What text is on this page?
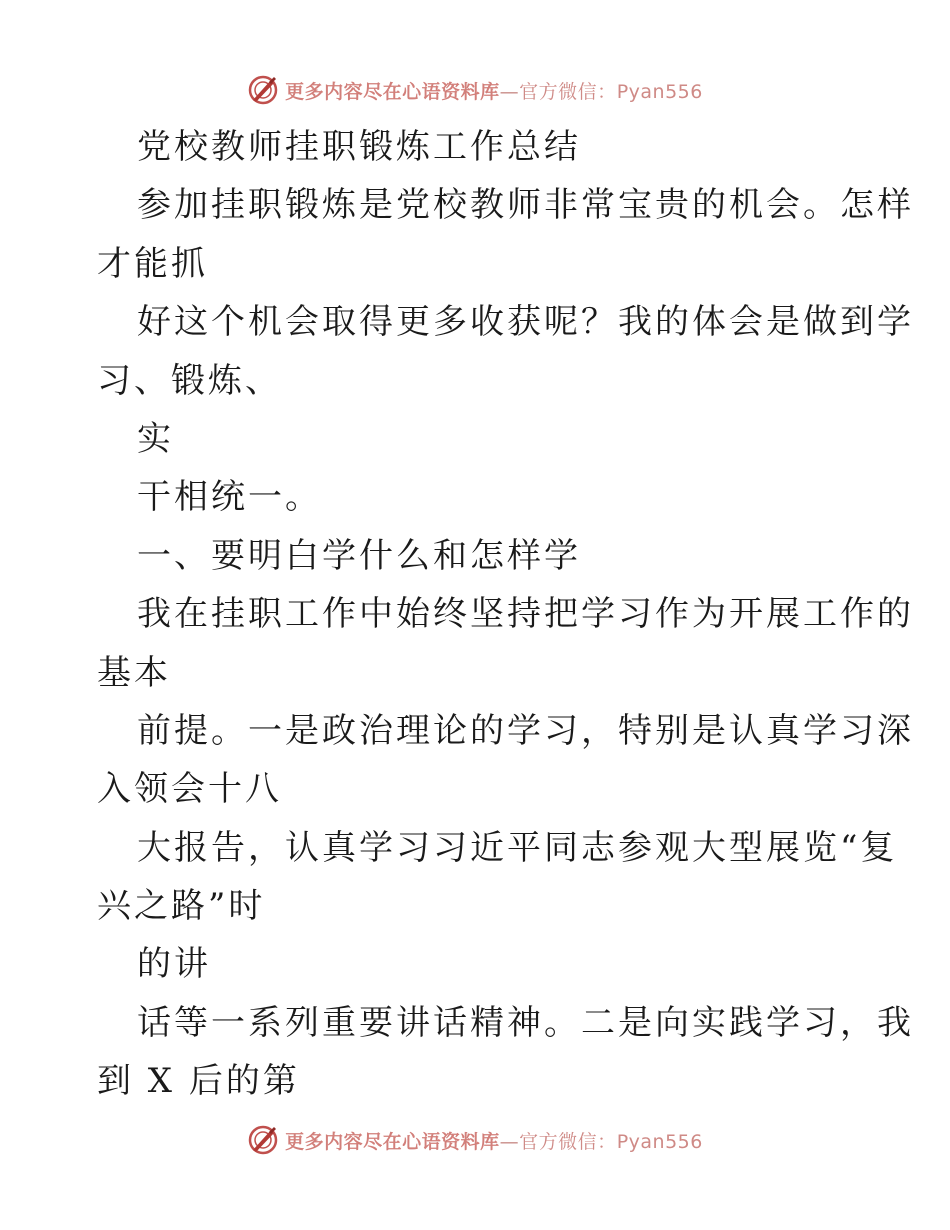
更多内容尽在心语资料库—官方微信：Pyan556
党校教师挂职锻炼工作总结
参加挂职锻炼是党校教师非常宝贵的机会。怎样
才能抓
好这个机会取得更多收获呢？我的体会是做到学
习、锻炼、
实
干相统一。
一、要明白学什么和怎样学
我在挂职工作中始终坚持把学习作为开展工作的
基本
前提。一是政治理论的学习，特别是认真学习深
入领会十八
大报告，认真学习习近平同志参观大型展览“复
兴之路”时
的讲
话等一系列重要讲话精神。二是向实践学习，我
到 X 后的第
更多内容尽在心语资料库—官方微信：Pyan556
